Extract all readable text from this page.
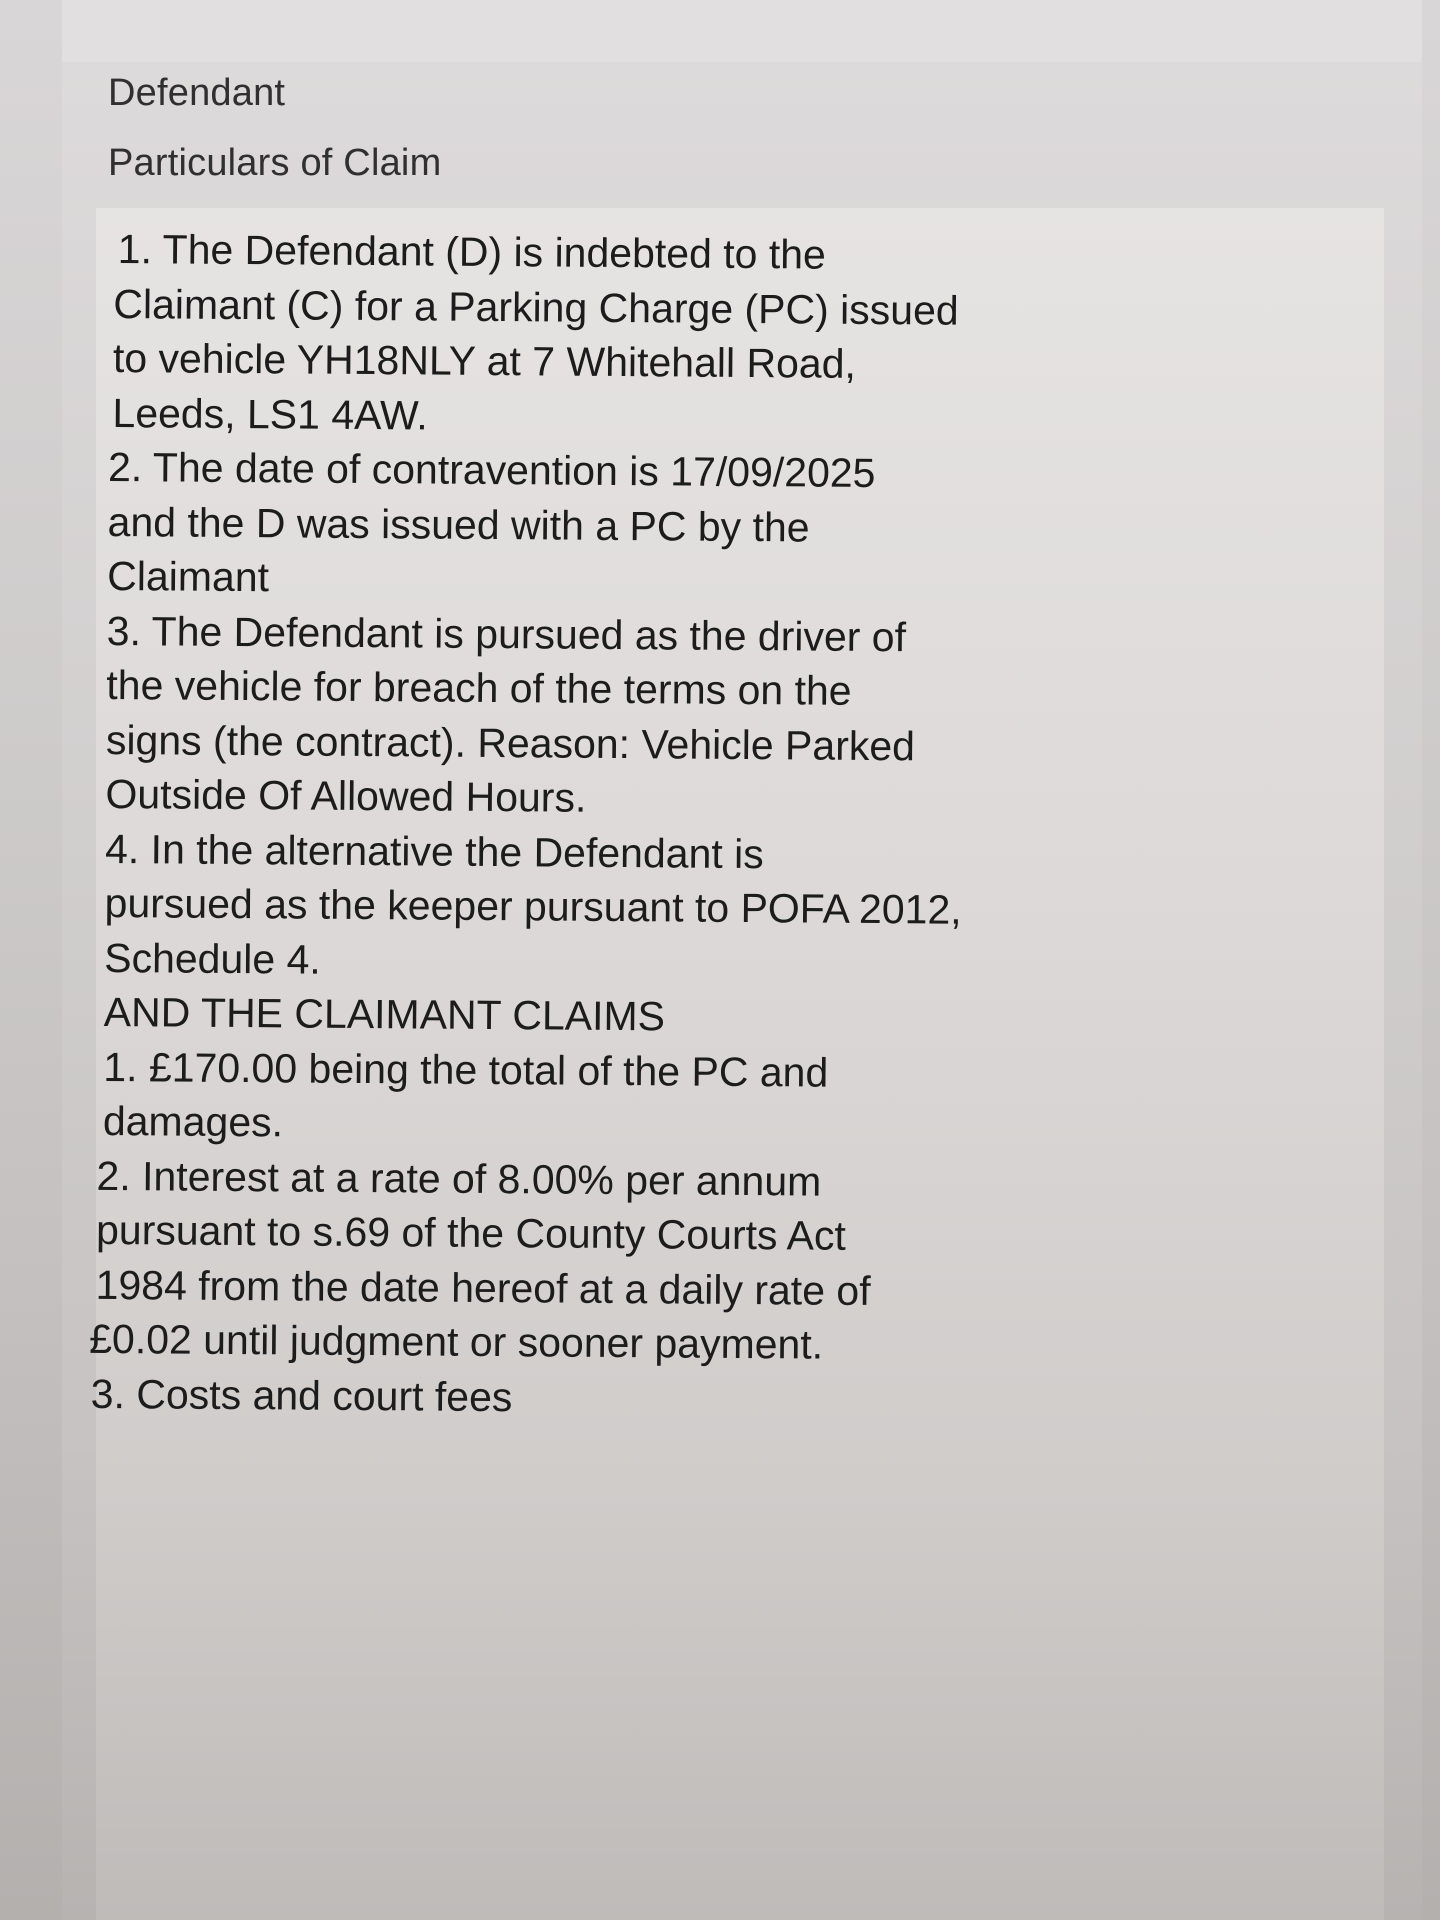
Defendant
Particulars of Claim
1. The Defendant (D) is indebted to the
Claimant (C) for a Parking Charge (PC) issued
to vehicle YH18NLY at 7 Whitehall Road,
Leeds, LS1 4AW.
2. The date of contravention is 17/09/2025
and the D was issued with a PC by the
Claimant
3. The Defendant is pursued as the driver of
the vehicle for breach of the terms on the
signs (the contract). Reason: Vehicle Parked
Outside Of Allowed Hours.
4. In the alternative the Defendant is
pursued as the keeper pursuant to POFA 2012,
Schedule 4.
AND THE CLAIMANT CLAIMS
1. £170.00 being the total of the PC and
damages.
2. Interest at a rate of 8.00% per annum
pursuant to s.69 of the County Courts Act
1984 from the date hereof at a daily rate of
£0.02 until judgment or sooner payment.
3. Costs and court fees
